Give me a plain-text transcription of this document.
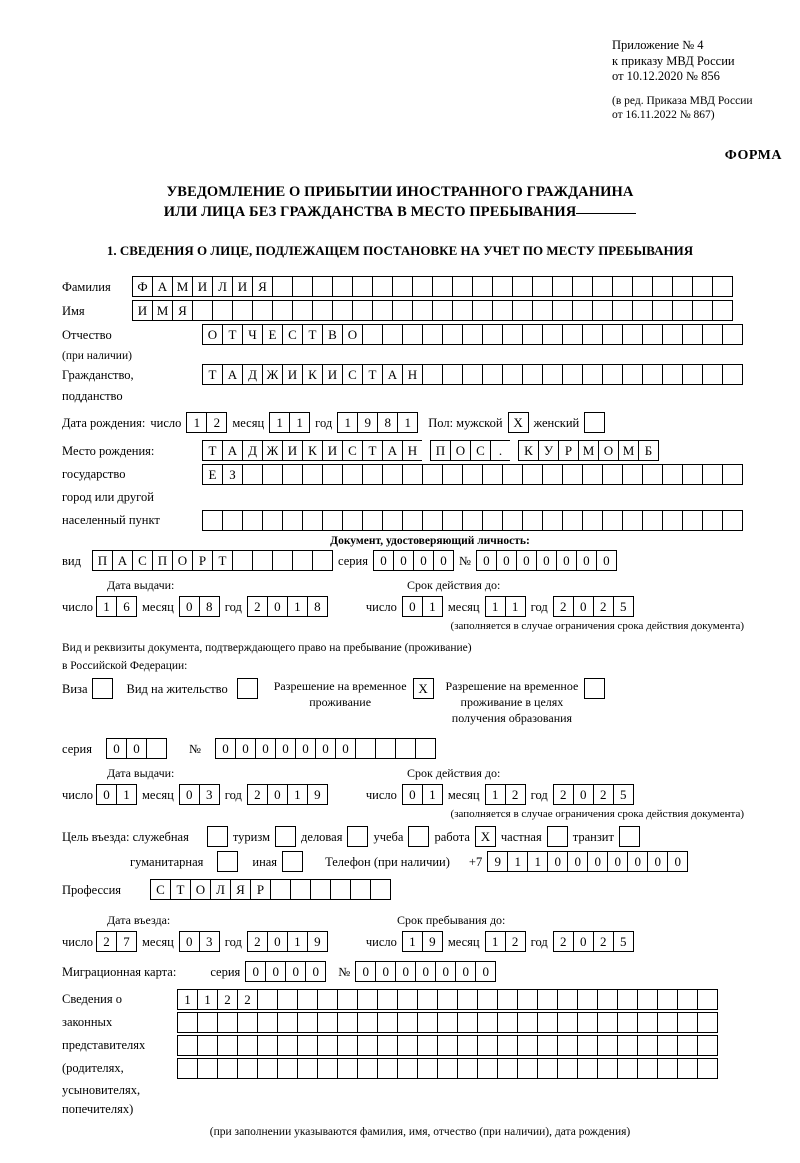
Приложение № 4
к приказу МВД России
от 10.12.2020 № 856
(в ред. Приказа МВД России
от 16.11.2022 № 867)
ФОРМА
УВЕДОМЛЕНИЕ О ПРИБЫТИИ ИНОСТРАННОГО ГРАЖДАНИНА
ИЛИ ЛИЦА БЕЗ ГРАЖДАНСТВА В МЕСТО ПРЕБЫВАНИЯ
1. СВЕДЕНИЯ О ЛИЦЕ, ПОДЛЕЖАЩЕМ ПОСТАНОВКЕ НА УЧЕТ ПО МЕСТУ ПРЕБЫВАНИЯ
Фамилия	Ф А М И Л И Я
Имя	И М Я
Отчество	О Т Ч Е С Т В О
(при наличии)
Гражданство,	Т А Д Ж И К И С Т А Н
подданство
Дата рождения: число 1	2 месяц 1	1 год 1	9	8	1	Пол: мужской X женский
Место рождения:	Т А Д Ж И К И С Т А Н	П О С	.	К У Р М О М Б
государство	Е З
город или другой
населенный пункт
Документ, удостоверяющий личность:
вид	П А С П О Р Т	серия 0	0	0	0 № 0	0	0	0	0	0	0
Дата выдачи:	Срок действия до:
число 1	6 месяц 0	8 год 2	0	1	8	число 0	1 месяц 1	1 год 2	0	2	5
(заполняется в случае ограничения срока действия документа)
Вид и реквизиты документа, подтверждающего право на пребывание (проживание)
в Российской Федерации:
Виза	Вид на жительство	Разрешение на временное
проживание
X	Разрешение на временное
проживание в целях
получения образования
серия	0	0	№	0	0	0	0	0	0	0
Дата выдачи:	Срок действия до:
число 0	1 месяц 0	3 год 2	0	1	9	число 0	1 месяц 1	2 год 2	0	2	5
(заполняется в случае ограничения срока действия документа)
Цель въезда: служебная	туризм деловая учеба работа X частная транзит
гуманитарная	иная	Телефон (при наличии) +7 9	1	1	0	0	0	0	0	0	0
Профессия	С Т О Л Я Р
Дата въезда:	Срок пребывания до:
число 2	7 месяц 0	3 год 2	0	1	9	число 1	9 месяц 1	2 год 2	0	2	5
Миграционная карта:	серия 0	0	0	0	№ 0	0	0	0	0	0	0
Сведения о	1	1	2	2
законных
представителях
(родителях,
усыновителях,
попечителях)
(при заполнении указываются фамилия, имя, отчество (при наличии), дата рождения)
